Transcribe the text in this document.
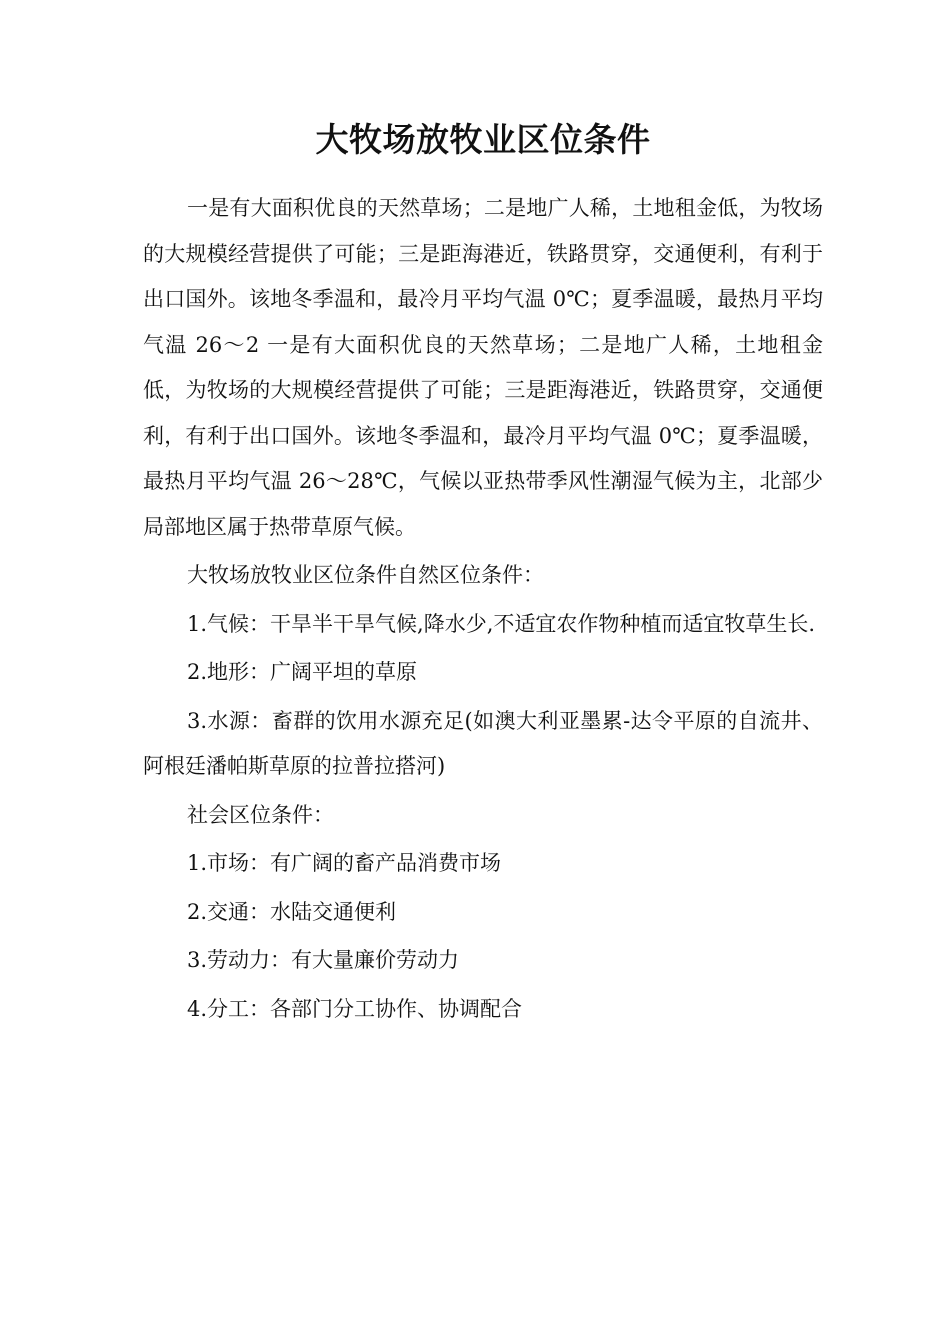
大牧场放牧业区位条件

一是有大面积优良的天然草场；二是地广人稀，土地租金低，为牧场的大规模经营提供了可能；三是距海港近，铁路贯穿，交通便利，有利于出口国外。该地冬季温和，最冷月平均气温 0℃；夏季温暖，最热月平均气温 26～2 一是有大面积优良的天然草场；二是地广人稀，土地租金低，为牧场的大规模经营提供了可能；三是距海港近，铁路贯穿，交通便利，有利于出口国外。该地冬季温和，最冷月平均气温 0℃；夏季温暖，最热月平均气温 26～28℃，气候以亚热带季风性潮湿气候为主，北部少局部地区属于热带草原气候。

大牧场放牧业区位条件自然区位条件：

1.气候：干旱半干旱气候,降水少,不适宜农作物种植而适宜牧草生长.

2.地形：广阔平坦的草原

3.水源：畜群的饮用水源充足(如澳大利亚墨累-达令平原的自流井、阿根廷潘帕斯草原的拉普拉搭河)

社会区位条件：

1.市场：有广阔的畜产品消费市场

2.交通：水陆交通便利

3.劳动力：有大量廉价劳动力

4.分工：各部门分工协作、协调配合
